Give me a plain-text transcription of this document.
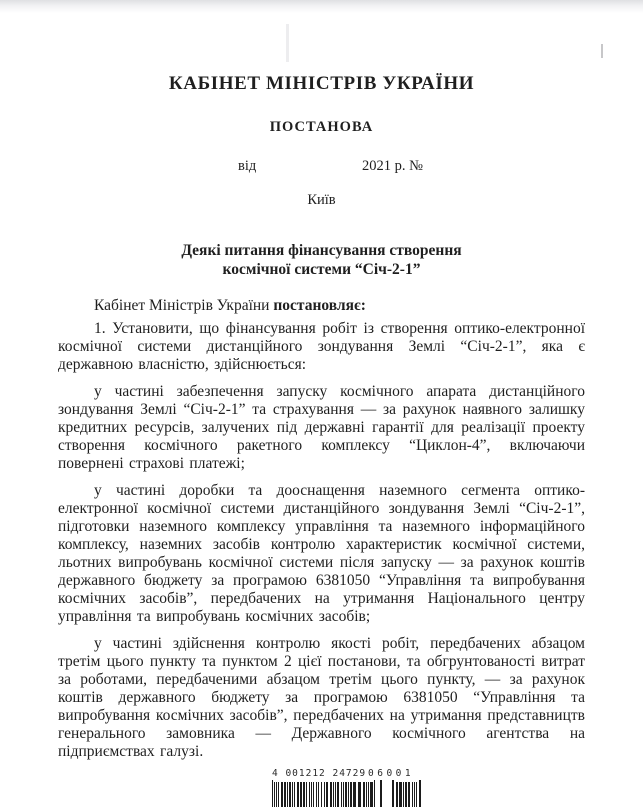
КАБІНЕТ МІНІСТРІВ УКРАЇНИ
ПОСТАНОВА
від	2021 р. №
Київ
Деякі питання фінансування створення
космічної системи “Січ-2-1”

Кабінет Міністрів України постановляє:

1. Установити, що фінансування робіт із створення оптико-електронної космічної системи дистанційного зондування Землі “Січ-2-1”, яка є державною власністю, здійснюється:

у частині забезпечення запуску космічного апарата дистанційного зондування Землі “Січ-2-1” та страхування — за рахунок наявного залишку кредитних ресурсів, залучених під державні гарантії для реалізації проекту створення космічного ракетного комплексу “Циклон-4”, включаючи повернені страхові платежі;

у частині доробки та дооснащення наземного сегмента оптико-електронної космічної системи дистанційного зондування Землі “Січ-2-1”, підготовки наземного комплексу управління та наземного інформаційного комплексу, наземних засобів контролю характеристик космічної системи, льотних випробувань космічної системи після запуску — за рахунок коштів державного бюджету за програмою 6381050 “Управління та випробування космічних засобів”, передбачених на утримання Національного центру управління та випробувань космічних засобів;

у частині здійснення контролю якості робіт, передбачених абзацом третім цього пункту та пунктом 2 цієї постанови, та обгрунтованості витрат за роботами, передбаченими абзацом третім цього пункту, — за рахунок коштів державного бюджету за програмою 6381050 “Управління та випробування космічних засобів”, передбачених на утримання представництв генерального замовника — Державного космічного агентства на підприємствах галузі.

4 001212 24729 06001
